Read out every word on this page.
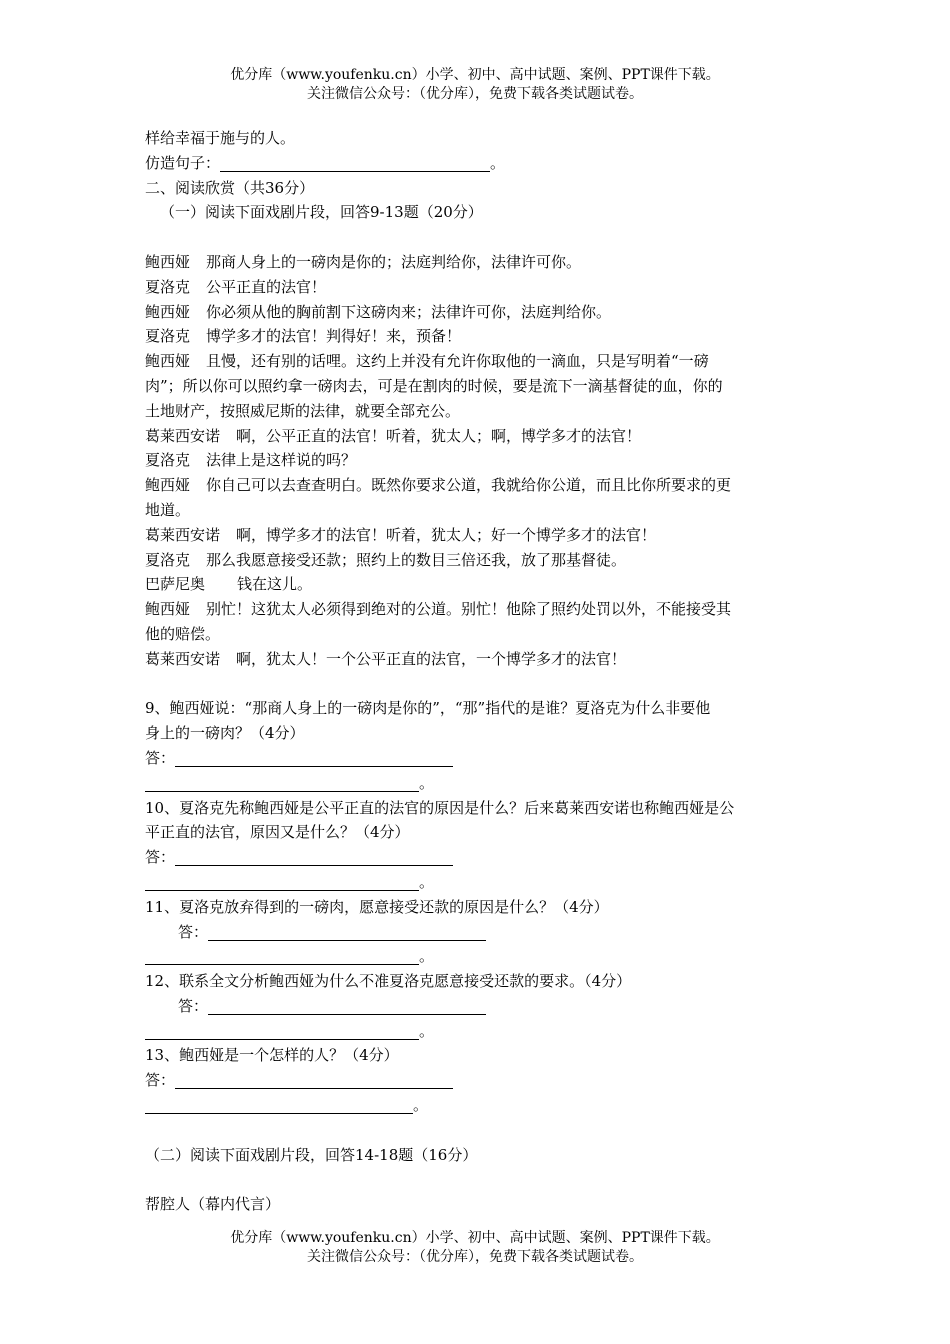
优分库（www.youfenku.cn）小学、初中、高中试题、案例、PPT课件下载。
关注微信公众号：（优分库），免费下载各类试题试卷。
样给幸福于施与的人。
仿造句子：	。
二、阅读欣赏（共36分）
（一）阅读下面戏剧片段，回答9-13题（20分）
鲍西娅 那商人身上的一磅肉是你的；法庭判给你，法律许可你。
夏洛克 公平正直的法官！
鲍西娅 你必须从他的胸前割下这磅肉来；法律许可你，法庭判给你。
夏洛克 博学多才的法官！判得好！来，预备！
鲍西娅 且慢，还有别的话哩。这约上并没有允许你取他的一滴血，只是写明着“一磅
肉”；所以你可以照约拿一磅肉去，可是在割肉的时候，要是流下一滴基督徒的血，你的
土地财产，按照威尼斯的法律，就要全部充公。
葛莱西安诺 啊，公平正直的法官！听着，犹太人；啊，博学多才的法官！
夏洛克 法律上是这样说的吗？
鲍西娅 你自己可以去查查明白。既然你要求公道，我就给你公道，而且比你所要求的更
地道。
葛莱西安诺 啊，博学多才的法官！听着，犹太人；好一个博学多才的法官！
夏洛克 那么我愿意接受还款；照约上的数目三倍还我，放了那基督徒。
巴萨尼奥 钱在这儿。
鲍西娅 别忙！这犹太人必须得到绝对的公道。别忙！他除了照约处罚以外，不能接受其
他的赔偿。
葛莱西安诺 啊，犹太人！一个公平正直的法官，一个博学多才的法官！
9、鲍西娅说：“那商人身上的一磅肉是你的”，“那”指代的是谁？夏洛克为什么非要他
身上的一磅肉？（4分）
答：
。
10、夏洛克先称鲍西娅是公平正直的法官的原因是什么？后来葛莱西安诺也称鲍西娅是公
平正直的法官，原因又是什么？（4分）
答：
。
11、夏洛克放弃得到的一磅肉，愿意接受还款的原因是什么？（4分）
答：
。
12、联系全文分析鲍西娅为什么不准夏洛克愿意接受还款的要求。（4分）
答：
。
13、鲍西娅是一个怎样的人？（4分）
答：
。
（二）阅读下面戏剧片段，回答14-18题（16分）
帮腔人（幕内代言）
优分库（www.youfenku.cn）小学、初中、高中试题、案例、PPT课件下载。
关注微信公众号：（优分库），免费下载各类试题试卷。
